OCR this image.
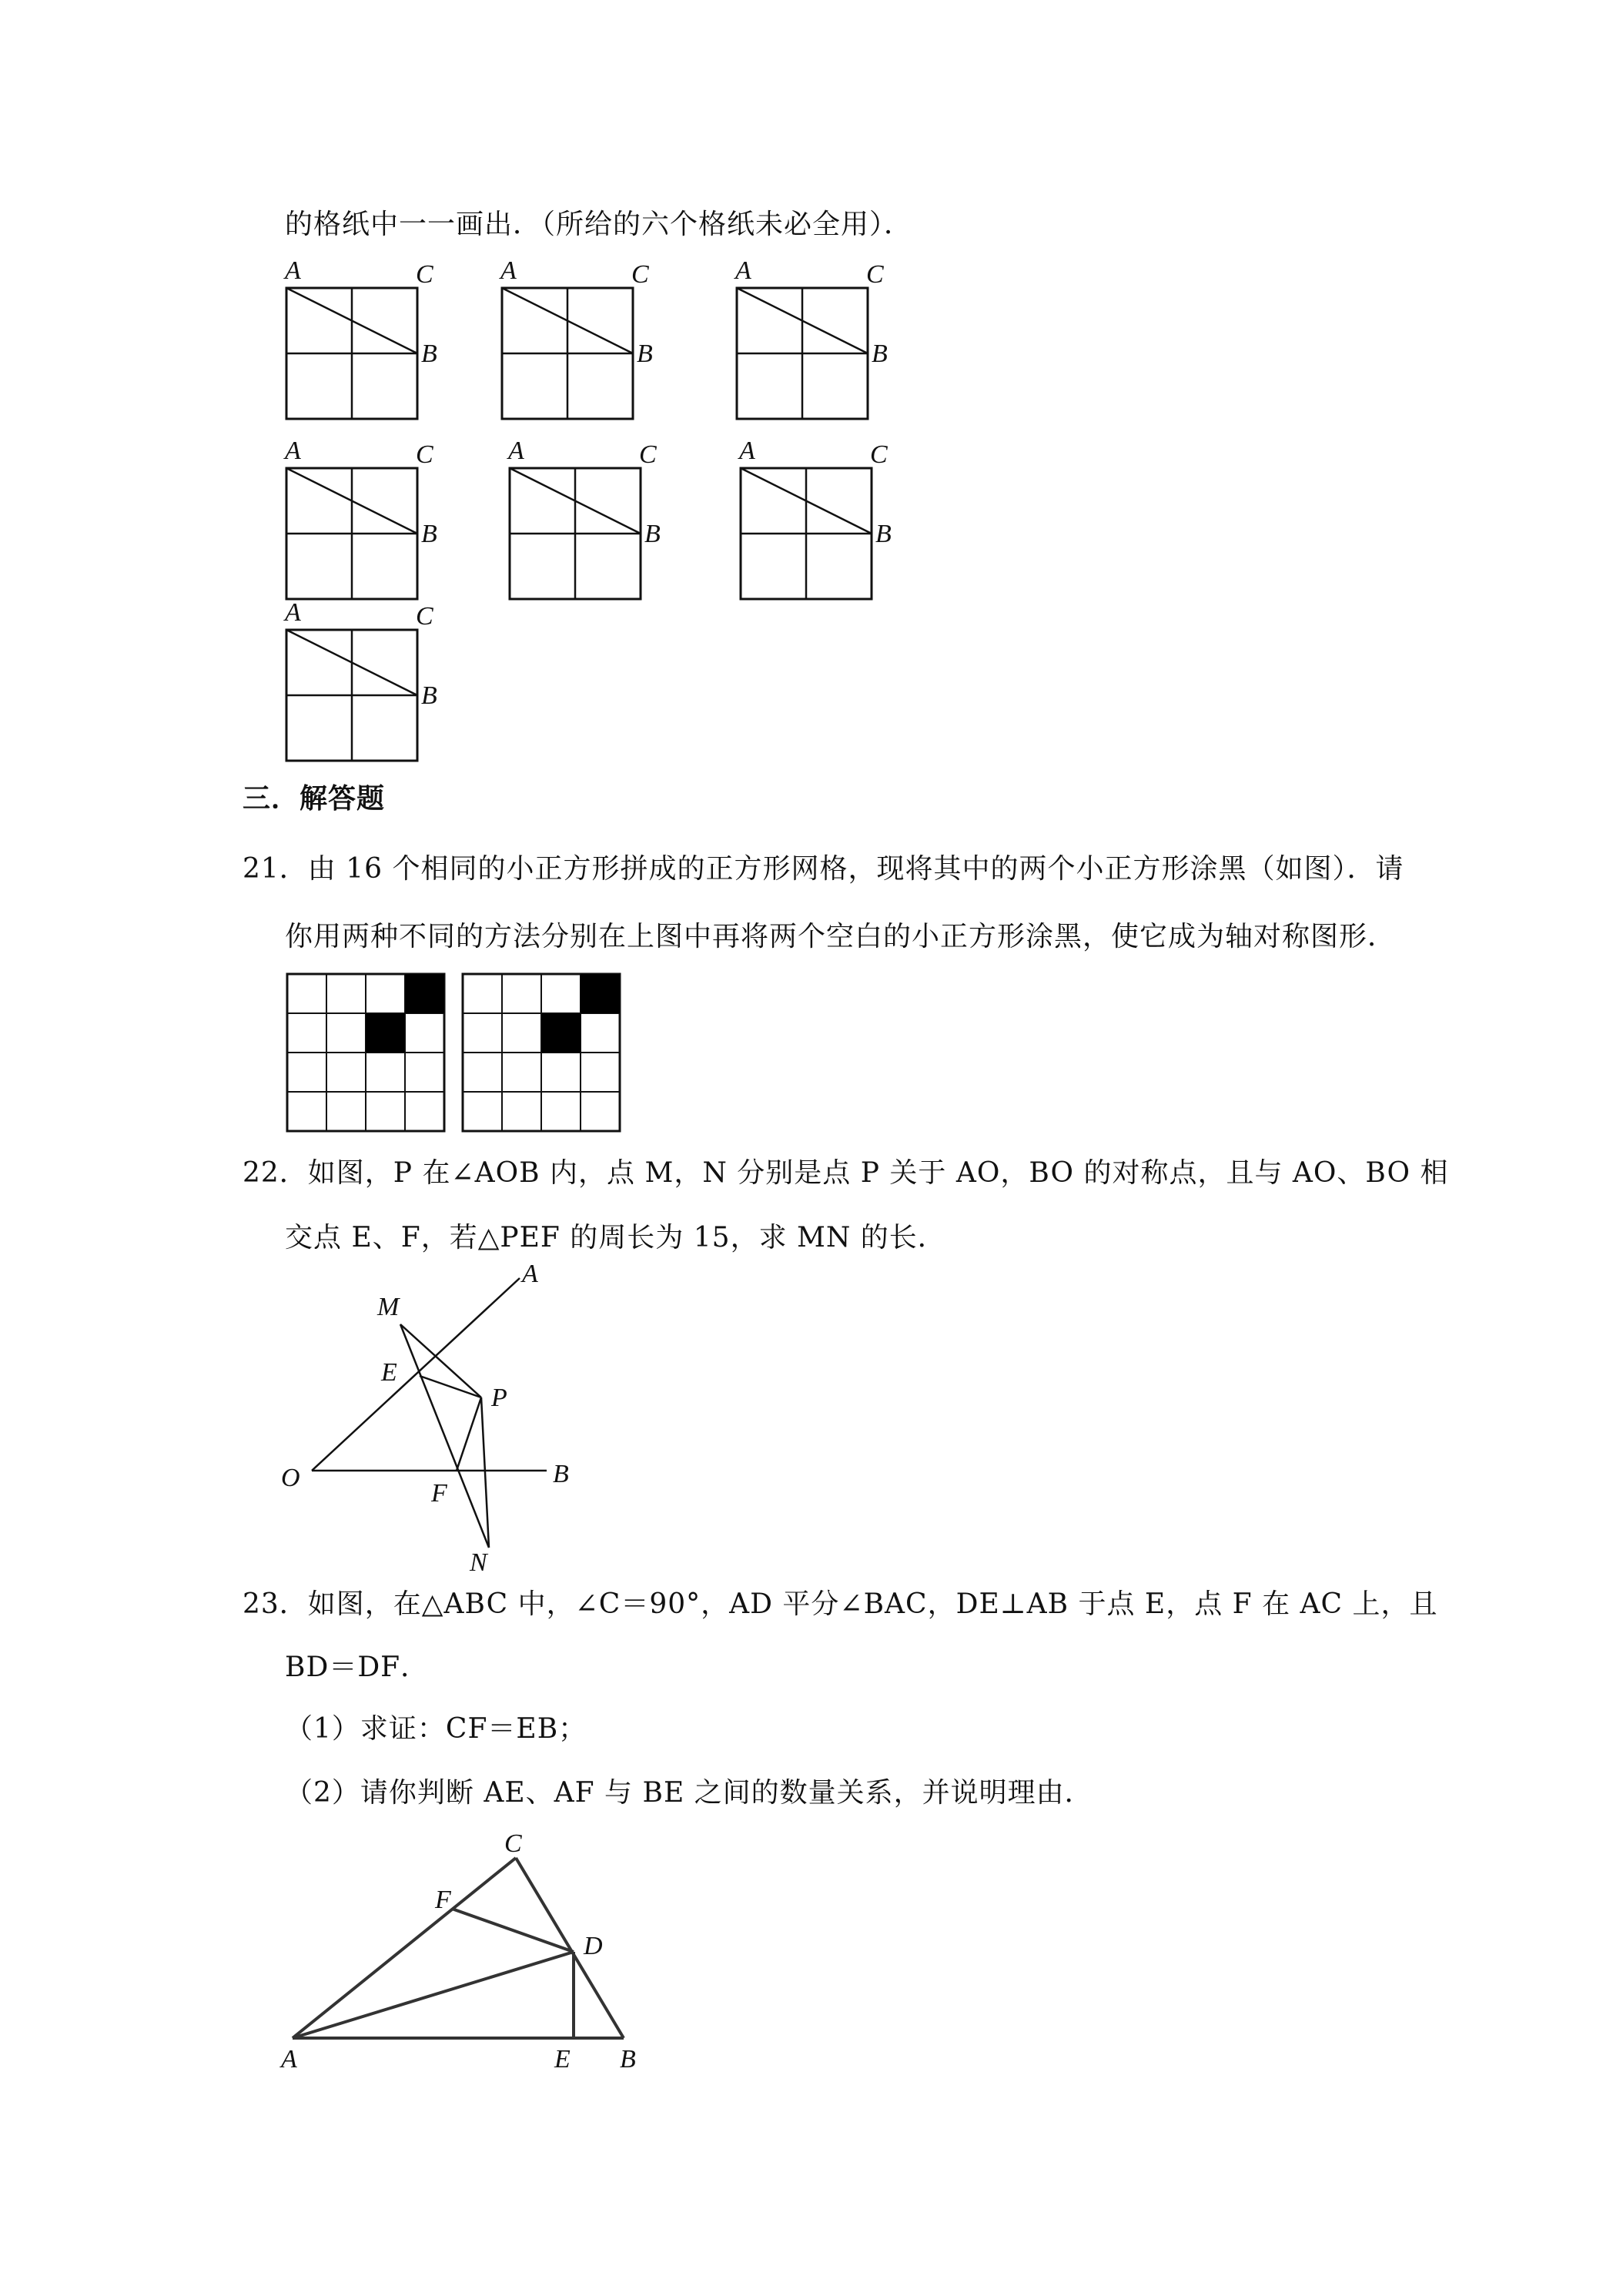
的格纸中一一画出．（所给的六个格纸未必全用）．
A	C
B
A	C
B
A	C
B
A	C
B
A	C
B
A	C
B
A	C
B
三．解答题
21．由 16 个相同的小正方形拼成的正方形网格，现将其中的两个小正方形涂黑（如图）．请
你用两种不同的方法分别在上图中再将两个空白的小正方形涂黑，使它成为轴对称图形．
22．如图，P 在∠AOB 内，点 M，N 分别是点 P 关于 AO，BO 的对称点，且与 AO、BO 相
交点 E、F，若△PEF 的周长为 15，求 MN 的长．
M
A
E
P
O
F
B
N
23．如图，在△ABC 中，∠C＝90°，AD 平分∠BAC，DE⊥AB 于点 E，点 F 在 AC 上，且
BD＝DF．
（1）求证：CF＝EB；
（2）请你判断 AE、AF 与 BE 之间的数量关系，并说明理由．
C
F
D
A	E B
